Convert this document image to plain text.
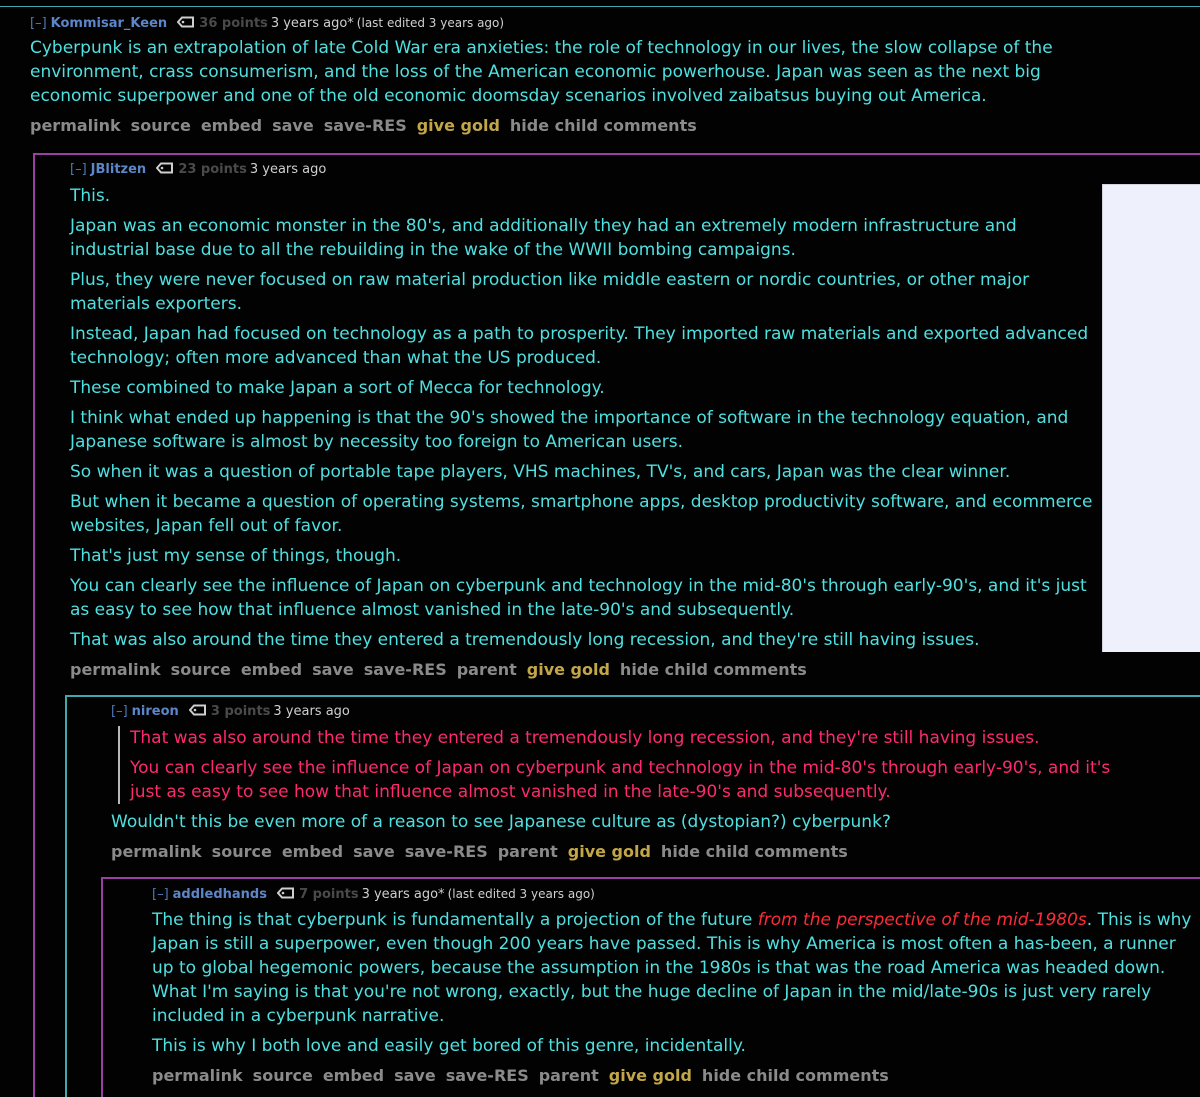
[–] Kommisar_Keen 36 points 3 years ago* (last edited 3 years ago)

Cyberpunk is an extrapolation of late Cold War era anxieties: the role of technology in our lives, the slow collapse of the environment, crass consumerism, and the loss of the American economic powerhouse. Japan was seen as the next big economic superpower and one of the old economic doomsday scenarios involved zaibatsus buying out America.

permalink source embed save save-RES give gold hide child comments
[–] JBlitzen 23 points 3 years ago

This.

Japan was an economic monster in the 80's, and additionally they had an extremely modern infrastructure and industrial base due to all the rebuilding in the wake of the WWII bombing campaigns.

Plus, they were never focused on raw material production like middle eastern or nordic countries, or other major materials exporters.

Instead, Japan had focused on technology as a path to prosperity. They imported raw materials and exported advanced technology; often more advanced than what the US produced.

These combined to make Japan a sort of Mecca for technology.

I think what ended up happening is that the 90's showed the importance of software in the technology equation, and Japanese software is almost by necessity too foreign to American users.

So when it was a question of portable tape players, VHS machines, TV's, and cars, Japan was the clear winner.

But when it became a question of operating systems, smartphone apps, desktop productivity software, and ecommerce websites, Japan fell out of favor.

That's just my sense of things, though.

You can clearly see the influence of Japan on cyberpunk and technology in the mid-80's through early-90's, and it's just as easy to see how that influence almost vanished in the late-90's and subsequently.

That was also around the time they entered a tremendously long recession, and they're still having issues.

permalink source embed save save-RES parent give gold hide child comments
[–] nireon 3 points 3 years ago

That was also around the time they entered a tremendously long recession, and they're still having issues.

You can clearly see the influence of Japan on cyberpunk and technology in the mid-80's through early-90's, and it's just as easy to see how that influence almost vanished in the late-90's and subsequently.

Wouldn't this be even more of a reason to see Japanese culture as (dystopian?) cyberpunk?

permalink source embed save save-RES parent give gold hide child comments
[–] addledhands 7 points 3 years ago* (last edited 3 years ago)

The thing is that cyberpunk is fundamentally a projection of the future from the perspective of the mid-1980s. This is why Japan is still a superpower, even though 200 years have passed. This is why America is most often a has-been, a runner up to global hegemonic powers, because the assumption in the 1980s is that was the road America was headed down. What I'm saying is that you're not wrong, exactly, but the huge decline of Japan in the mid/late-90s is just very rarely included in a cyberpunk narrative.

This is why I both love and easily get bored of this genre, incidentally.

permalink source embed save save-RES parent give gold hide child comments
